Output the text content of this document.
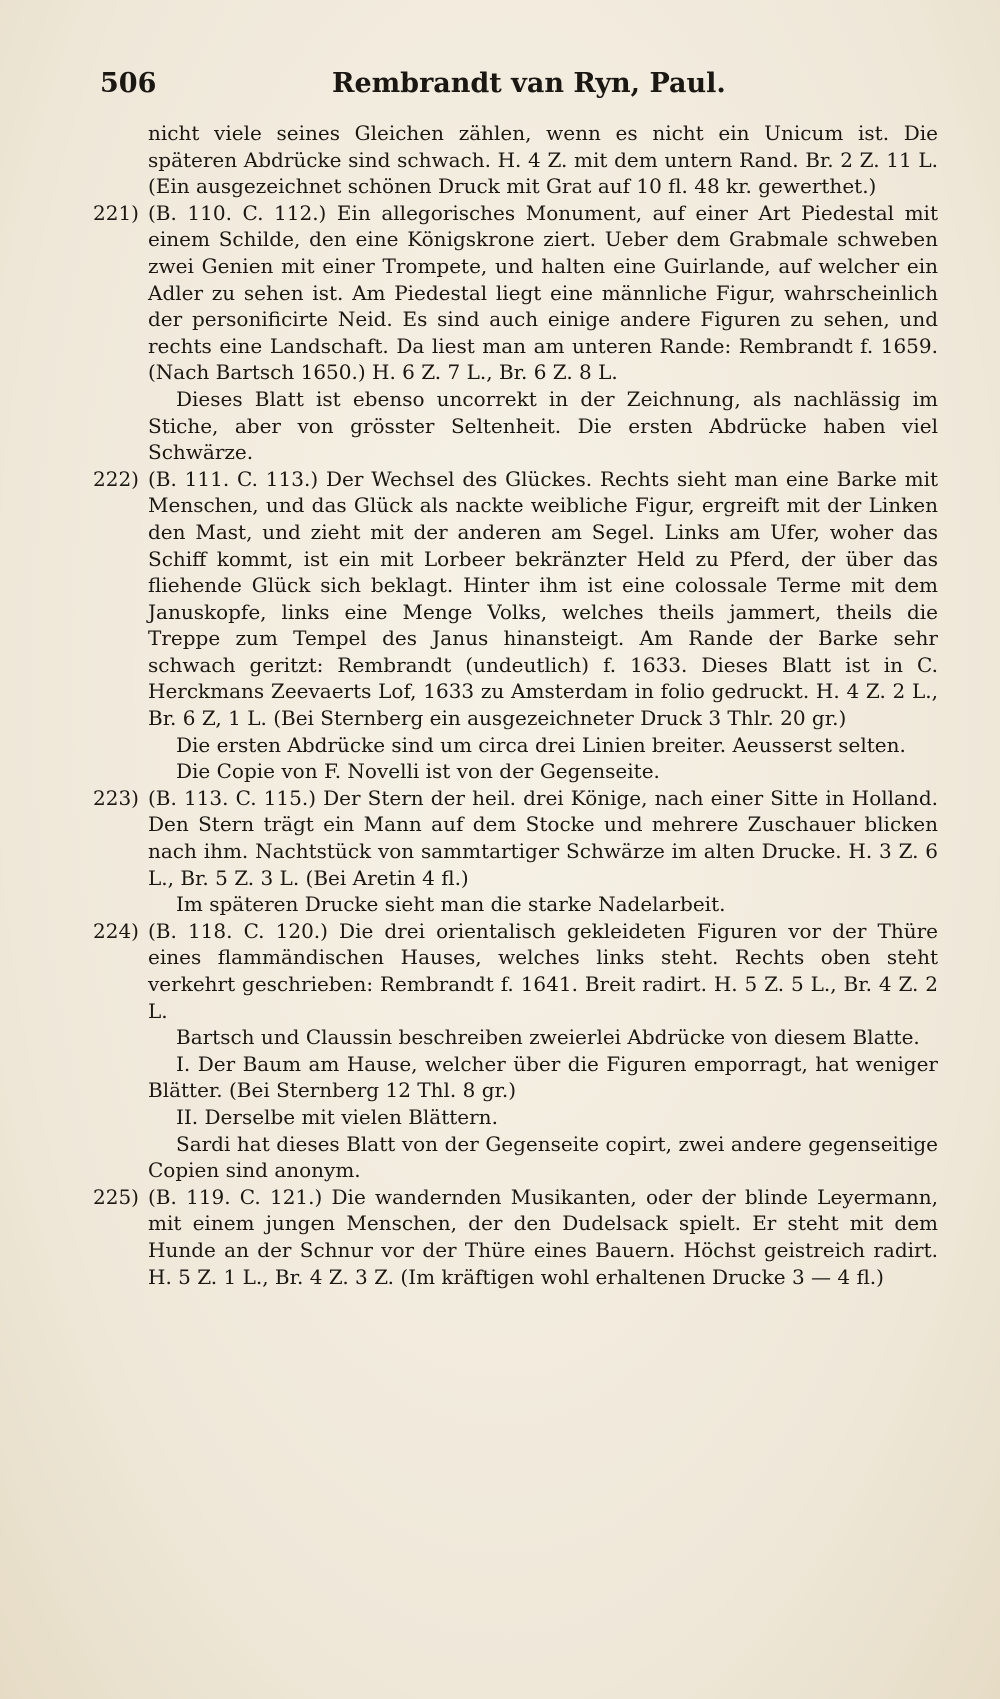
506	Rembrandt van Ryn, Paul.

nicht viele seines Gleichen zählen, wenn es nicht ein Unicum ist. Die späteren Abdrücke sind schwach. H. 4 Z. mit dem untern Rand. Br. 2 Z. 11 L. (Ein ausgezeichnet schönen Druck mit Grat auf 10 fl. 48 kr. gewerthet.)

221) (B. 110. C. 112.) Ein allegorisches Monument, auf einer Art Piedestal mit einem Schilde, den eine Königskrone ziert. Ueber dem Grabmale schweben zwei Genien mit einer Trompete, und halten eine Guirlande, auf welcher ein Adler zu sehen ist. Am Piedestal liegt eine männliche Figur, wahrscheinlich der personificirte Neid. Es sind auch einige andere Figuren zu sehen, und rechts eine Landschaft. Da liest man am unteren Rande: Rembrandt f. 1659. (Nach Bartsch 1650.) H. 6 Z. 7 L., Br. 6 Z. 8 L.

Dieses Blatt ist ebenso uncorrekt in der Zeichnung, als nachlässig im Stiche, aber von grösster Seltenheit. Die ersten Abdrücke haben viel Schwärze.

222) (B. 111. C. 113.) Der Wechsel des Glückes. Rechts sieht man eine Barke mit Menschen, und das Glück als nackte weibliche Figur, ergreift mit der Linken den Mast, und zieht mit der anderen am Segel. Links am Ufer, woher das Schiff kommt, ist ein mit Lorbeer bekränzter Held zu Pferd, der über das fliehende Glück sich beklagt. Hinter ihm ist eine colossale Terme mit dem Januskopfe, links eine Menge Volks, welches theils jammert, theils die Treppe zum Tempel des Janus hinansteigt. Am Rande der Barke sehr schwach geritzt: Rembrandt (undeutlich) f. 1633. Dieses Blatt ist in C. Herckmans Zeevaerts Lof, 1633 zu Amsterdam in folio gedruckt. H. 4 Z. 2 L., Br. 6 Z, 1 L. (Bei Sternberg ein ausgezeichneter Druck 3 Thlr. 20 gr.)

Die ersten Abdrücke sind um circa drei Linien breiter. Aeusserst selten.

Die Copie von F. Novelli ist von der Gegenseite.

223) (B. 113. C. 115.) Der Stern der heil. drei Könige, nach einer Sitte in Holland. Den Stern trägt ein Mann auf dem Stocke und mehrere Zuschauer blicken nach ihm. Nachtstück von sammtartiger Schwärze im alten Drucke. H. 3 Z. 6 L., Br. 5 Z. 3 L. (Bei Aretin 4 fl.)

Im späteren Drucke sieht man die starke Nadelarbeit.

224) (B. 118. C. 120.) Die drei orientalisch gekleideten Figuren vor der Thüre eines flammändischen Hauses, welches links steht. Rechts oben steht verkehrt geschrieben: Rembrandt f. 1641. Breit radirt. H. 5 Z. 5 L., Br. 4 Z. 2 L.

Bartsch und Claussin beschreiben zweierlei Abdrücke von diesem Blatte.

I. Der Baum am Hause, welcher über die Figuren emporragt, hat weniger Blätter. (Bei Sternberg 12 Thl. 8 gr.)

II. Derselbe mit vielen Blättern.

Sardi hat dieses Blatt von der Gegenseite copirt, zwei andere gegenseitige Copien sind anonym.

225) (B. 119. C. 121.) Die wandernden Musikanten, oder der blinde Leyermann, mit einem jungen Menschen, der den Dudelsack spielt. Er steht mit dem Hunde an der Schnur vor der Thüre eines Bauern. Höchst geistreich radirt. H. 5 Z. 1 L., Br. 4 Z. 3 Z. (Im kräftigen wohl erhaltenen Drucke 3 — 4 fl.)
